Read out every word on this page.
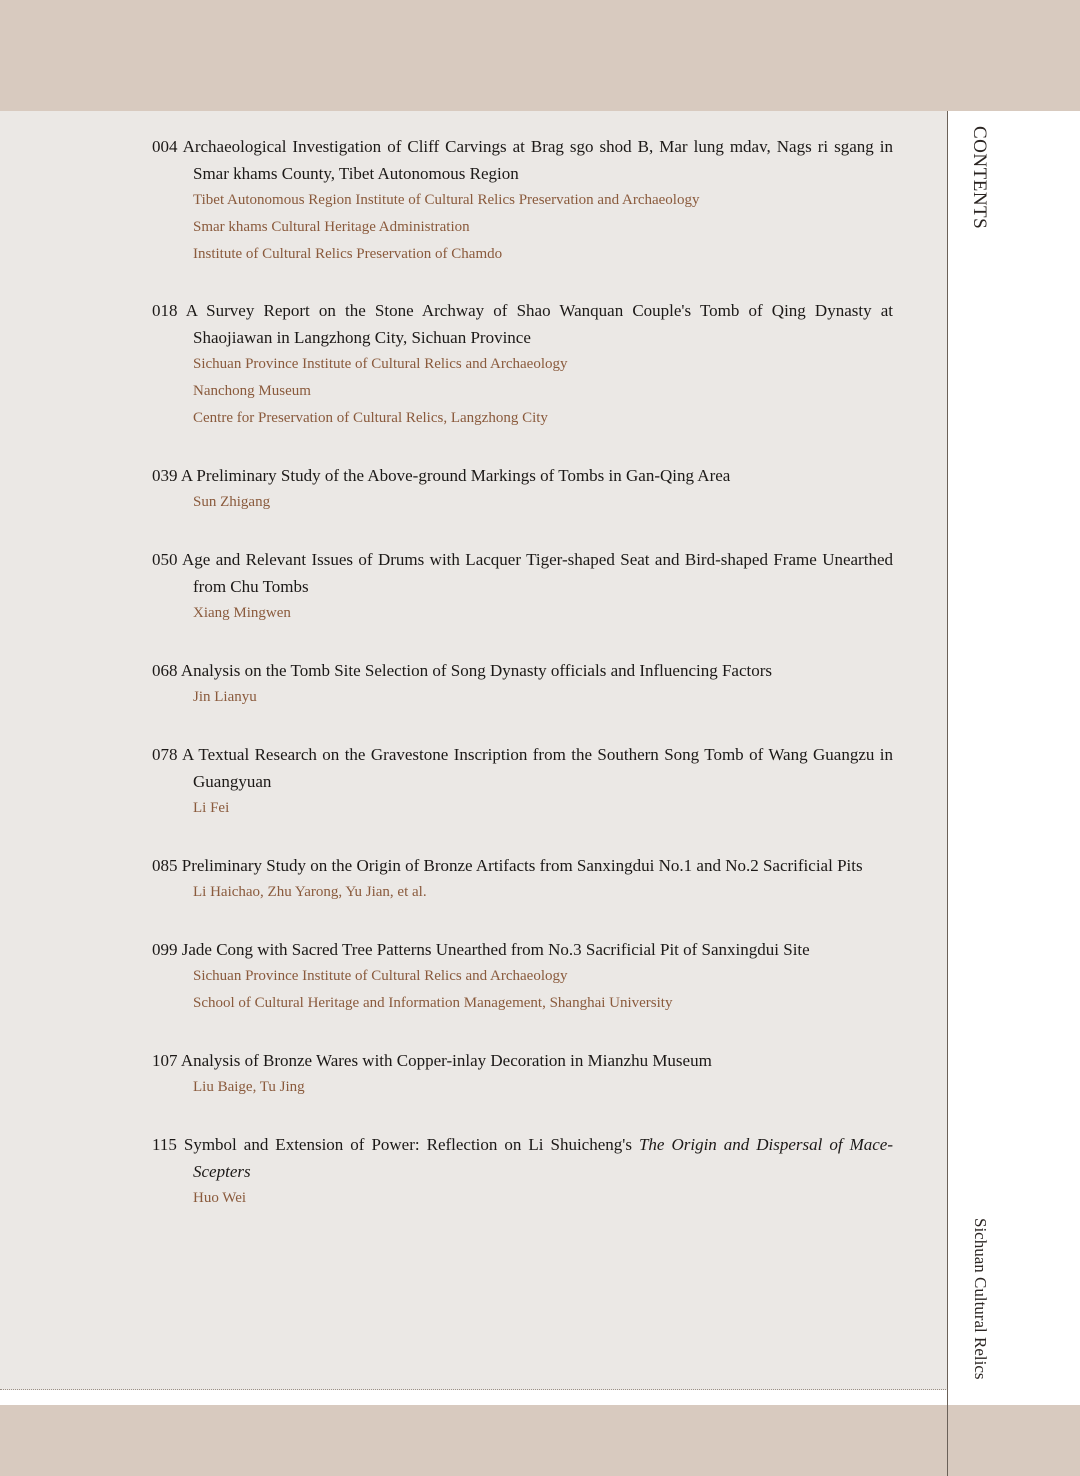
CONTENTS
Sichuan Cultural Relics
004 Archaeological Investigation of Cliff Carvings at Brag sgo shod B, Mar lung mdav, Nags ri sgang in Smar khams County, Tibet Autonomous Region
Tibet Autonomous Region Institute of Cultural Relics Preservation and Archaeology
Smar khams Cultural Heritage Administration
Institute of Cultural Relics Preservation of Chamdo
018 A Survey Report on the Stone Archway of Shao Wanquan Couple's Tomb of Qing Dynasty at Shaojiawan in Langzhong City, Sichuan Province
Sichuan Province Institute of Cultural Relics and Archaeology
Nanchong Museum
Centre for Preservation of Cultural Relics, Langzhong City
039 A Preliminary Study of the Above-ground Markings of Tombs in Gan-Qing Area
Sun Zhigang
050 Age and Relevant Issues of Drums with Lacquer Tiger-shaped Seat and Bird-shaped Frame Unearthed from Chu Tombs
Xiang Mingwen
068 Analysis on the Tomb Site Selection of Song Dynasty officials and Influencing Factors
Jin Lianyu
078 A Textual Research on the Gravestone Inscription from the Southern Song Tomb of Wang Guangzu in Guangyuan
Li Fei
085 Preliminary Study on the Origin of Bronze Artifacts from Sanxingdui No.1 and No.2 Sacrificial Pits
Li Haichao, Zhu Yarong, Yu Jian, et al.
099 Jade Cong with Sacred Tree Patterns Unearthed from No.3 Sacrificial Pit of Sanxingdui Site
Sichuan Province Institute of Cultural Relics and Archaeology
School of Cultural Heritage and Information Management, Shanghai University
107 Analysis of Bronze Wares with Copper-inlay Decoration in Mianzhu Museum
Liu Baige, Tu Jing
115 Symbol and Extension of Power: Reflection on Li Shuicheng's The Origin and Dispersal of Mace-Scepters
Huo Wei
